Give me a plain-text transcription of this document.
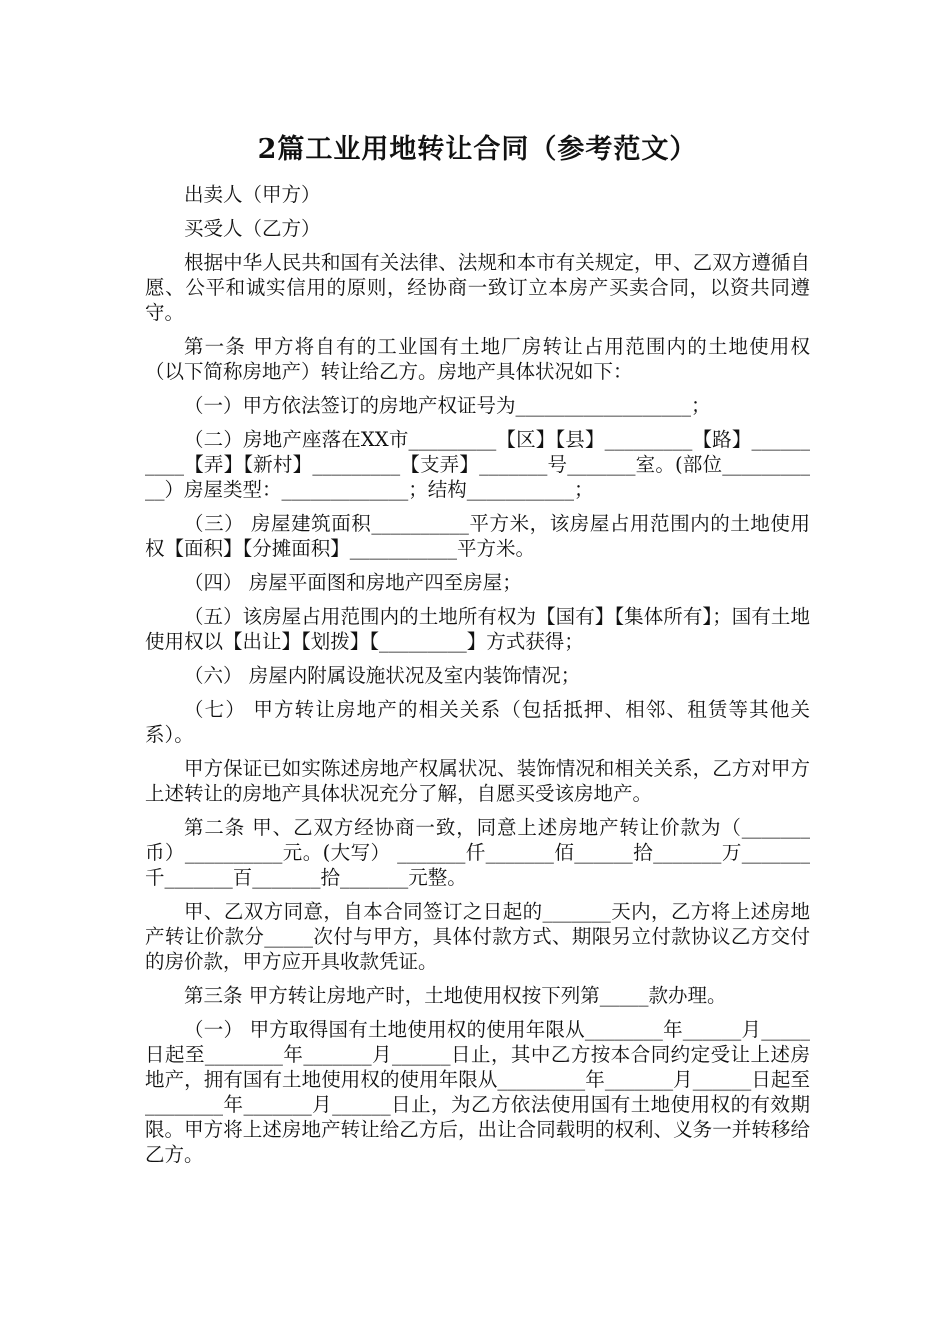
2篇工业用地转让合同（参考范文）

出卖人（甲方）

买受人（乙方）

根据中华人民共和国有关法律、法规和本市有关规定，甲、乙双方遵循自愿、公平和诚实信用的原则，经协商一致订立本房产买卖合同，以资共同遵守。

第一条 甲方将自有的工业国有土地厂房转让占用范围内的土地使用权（以下简称房地产）转让给乙方。房地产具体状况如下：

（一）甲方依法签订的房地产权证号为__________________；

（二）房地产座落在XX市_________【区】【县】_________【路】__________【弄】【新村】_________【支弄】_______号_______室。(部位___________）房屋类型：_____________；结构___________；

（三） 房屋建筑面积__________平方米，该房屋占用范围内的土地使用权【面积】【分摊面积】___________平方米。

（四） 房屋平面图和房地产四至房屋；

（五）该房屋占用范围内的土地所有权为【国有】【集体所有】；国有土地使用权以【出让】【划拨】【_________】方式获得；

（六） 房屋内附属设施状况及室内装饰情况；

（七） 甲方转让房地产的相关关系（包括抵押、相邻、租赁等其他关系）。

甲方保证已如实陈述房地产权属状况、装饰情况和相关关系，乙方对甲方上述转让的房地产具体状况充分了解，自愿买受该房地产。

第二条 甲、乙双方经协商一致，同意上述房地产转让价款为（_______币）__________元。(大写） _______仟_______佰______拾_______万_______千_______百_______拾_______元整。

甲、乙双方同意，自本合同签订之日起的_______天内，乙方将上述房地产转让价款分_____次付与甲方，具体付款方式、期限另立付款协议乙方交付的房价款，甲方应开具收款凭证。

第三条 甲方转让房地产时，土地使用权按下列第_____款办理。

（一） 甲方取得国有土地使用权的使用年限从________年______月_____日起至________年_______月______日止，其中乙方按本合同约定受让上述房地产，拥有国有土地使用权的使用年限从_________年_______月______日起至________年_______月______日止，为乙方依法使用国有土地使用权的有效期限。甲方将上述房地产转让给乙方后，出让合同载明的权利、义务一并转移给乙方。
